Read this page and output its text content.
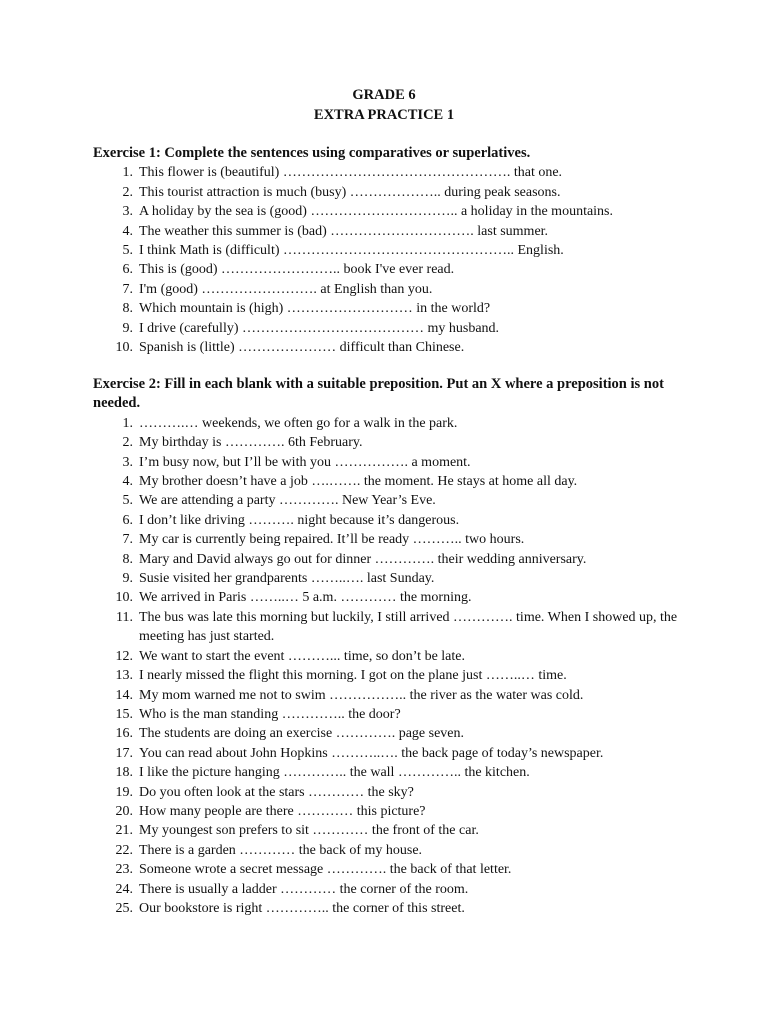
GRADE 6
EXTRA PRACTICE 1
Exercise 1: Complete the sentences using comparatives or superlatives.
1. This flower is (beautiful) …………………………………………. that one.
2. This tourist attraction is much (busy) ……………….. during peak seasons.
3. A holiday by the sea is (good) ………………………….. a holiday in the mountains.
4. The weather this summer is (bad) …………………………. last summer.
5. I think Math is (difficult) ………………………………………….. English.
6. This is (good) …………………….. book I've ever read.
7. I'm (good) ……………………. at English than you.
8. Which mountain is (high) ……………………… in the world?
9. I drive (carefully) ………………………………… my husband.
10. Spanish is (little) ………………… difficult than Chinese.
Exercise 2: Fill in each blank with a suitable preposition. Put an X where a preposition is not needed.
1. ……….… weekends, we often go for a walk in the park.
2. My birthday is …………. 6th February.
3. I’m busy now, but I’ll be with you ……………. a moment.
4. My brother doesn’t have a job ….……. the moment. He stays at home all day.
5. We are attending a party …………. New Year’s Eve.
6. I don’t like driving ………. night because it’s dangerous.
7. My car is currently being repaired. It’ll be ready ……….. two hours.
8. Mary and David always go out for dinner …………. their wedding anniversary.
9. Susie visited her grandparents ……..…. last Sunday.
10. We arrived in Paris ……..… 5 a.m. ………… the morning.
11. The bus was late this morning but luckily, I still arrived …………. time. When I showed up, the meeting has just started.
12. We want to start the event ………... time, so don’t be late.
13. I nearly missed the flight this morning. I got on the plane just ……..… time.
14. My mom warned me not to swim …………….. the river as the water was cold.
15. Who is the man standing ………….. the door?
16. The students are doing an exercise …………. page seven.
17. You can read about John Hopkins ………..…. the back page of today’s newspaper.
18. I like the picture hanging ………….. the wall ………….. the kitchen.
19. Do you often look at the stars ………… the sky?
20. How many people are there ………… this picture?
21. My youngest son prefers to sit ………… the front of the car.
22. There is a garden ………… the back of my house.
23. Someone wrote a secret message …………. the back of that letter.
24. There is usually a ladder ………… the corner of the room.
25. Our bookstore is right ………….. the corner of this street.
